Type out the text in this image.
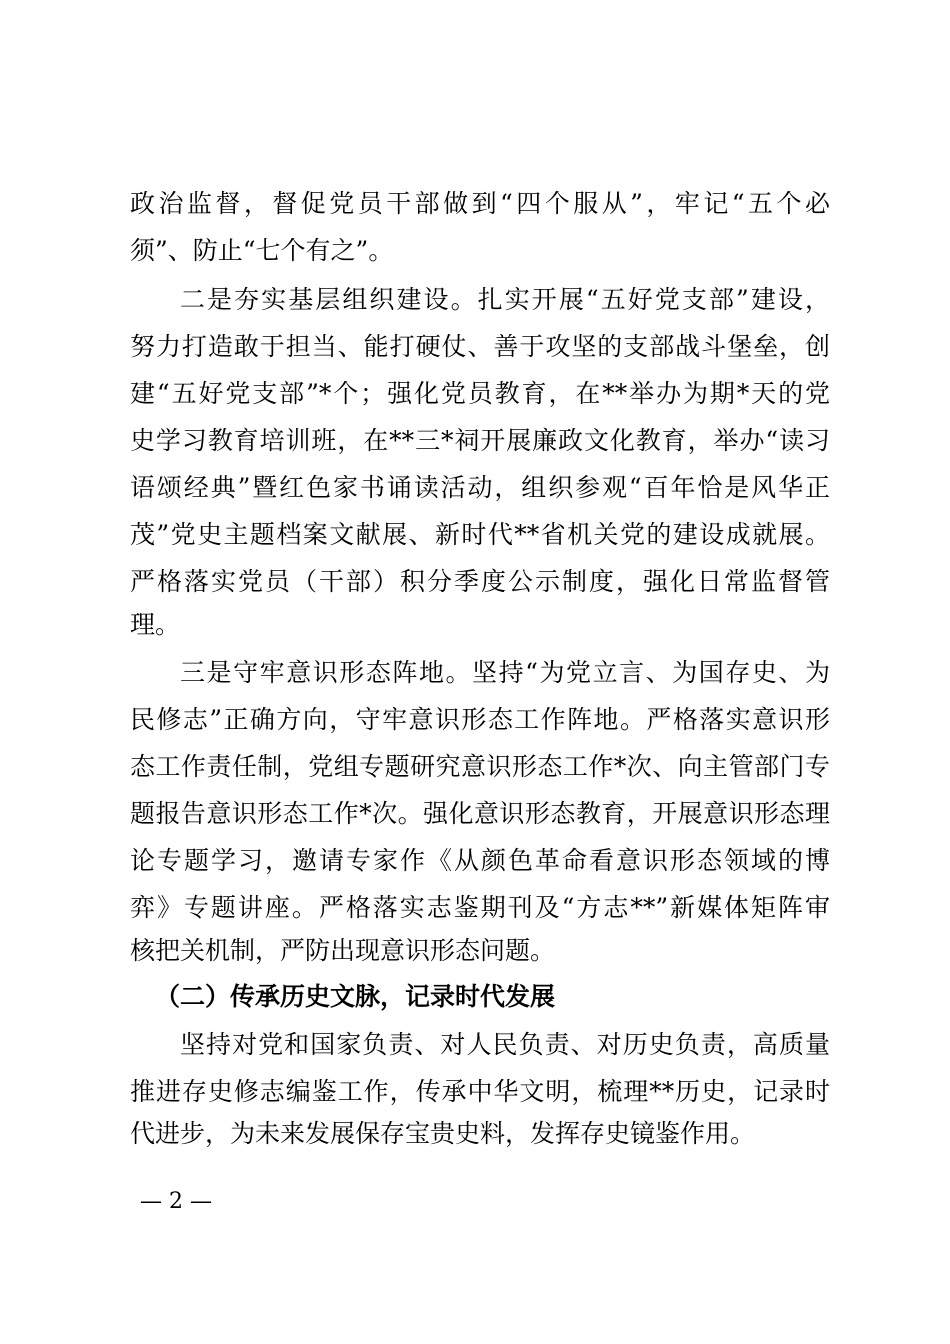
政治监督，督促党员干部做到“四个服从”，牢记“五个必
须”、防止“七个有之”。
二是夯实基层组织建设。扎实开展“五好党支部”建设，
努力打造敢于担当、能打硬仗、善于攻坚的支部战斗堡垒，创
建“五好党支部”*个；强化党员教育，在**举办为期*天的党
史学习教育培训班，在**三*祠开展廉政文化教育，举办“读习
语颂经典”暨红色家书诵读活动，组织参观“百年恰是风华正
茂”党史主题档案文献展、新时代**省机关党的建设成就展。
严格落实党员（干部）积分季度公示制度，强化日常监督管
理。
三是守牢意识形态阵地。坚持“为党立言、为国存史、为
民修志”正确方向，守牢意识形态工作阵地。严格落实意识形
态工作责任制，党组专题研究意识形态工作*次、向主管部门专
题报告意识形态工作*次。强化意识形态教育，开展意识形态理
论专题学习，邀请专家作《从颜色革命看意识形态领域的博
弈》专题讲座。严格落实志鉴期刊及“方志**”新媒体矩阵审
核把关机制，严防出现意识形态问题。
（二）传承历史文脉，记录时代发展
坚持对党和国家负责、对人民负责、对历史负责，高质量
推进存史修志编鉴工作，传承中华文明，梳理**历史，记录时
代进步，为未来发展保存宝贵史料，发挥存史镜鉴作用。
— 2 —
